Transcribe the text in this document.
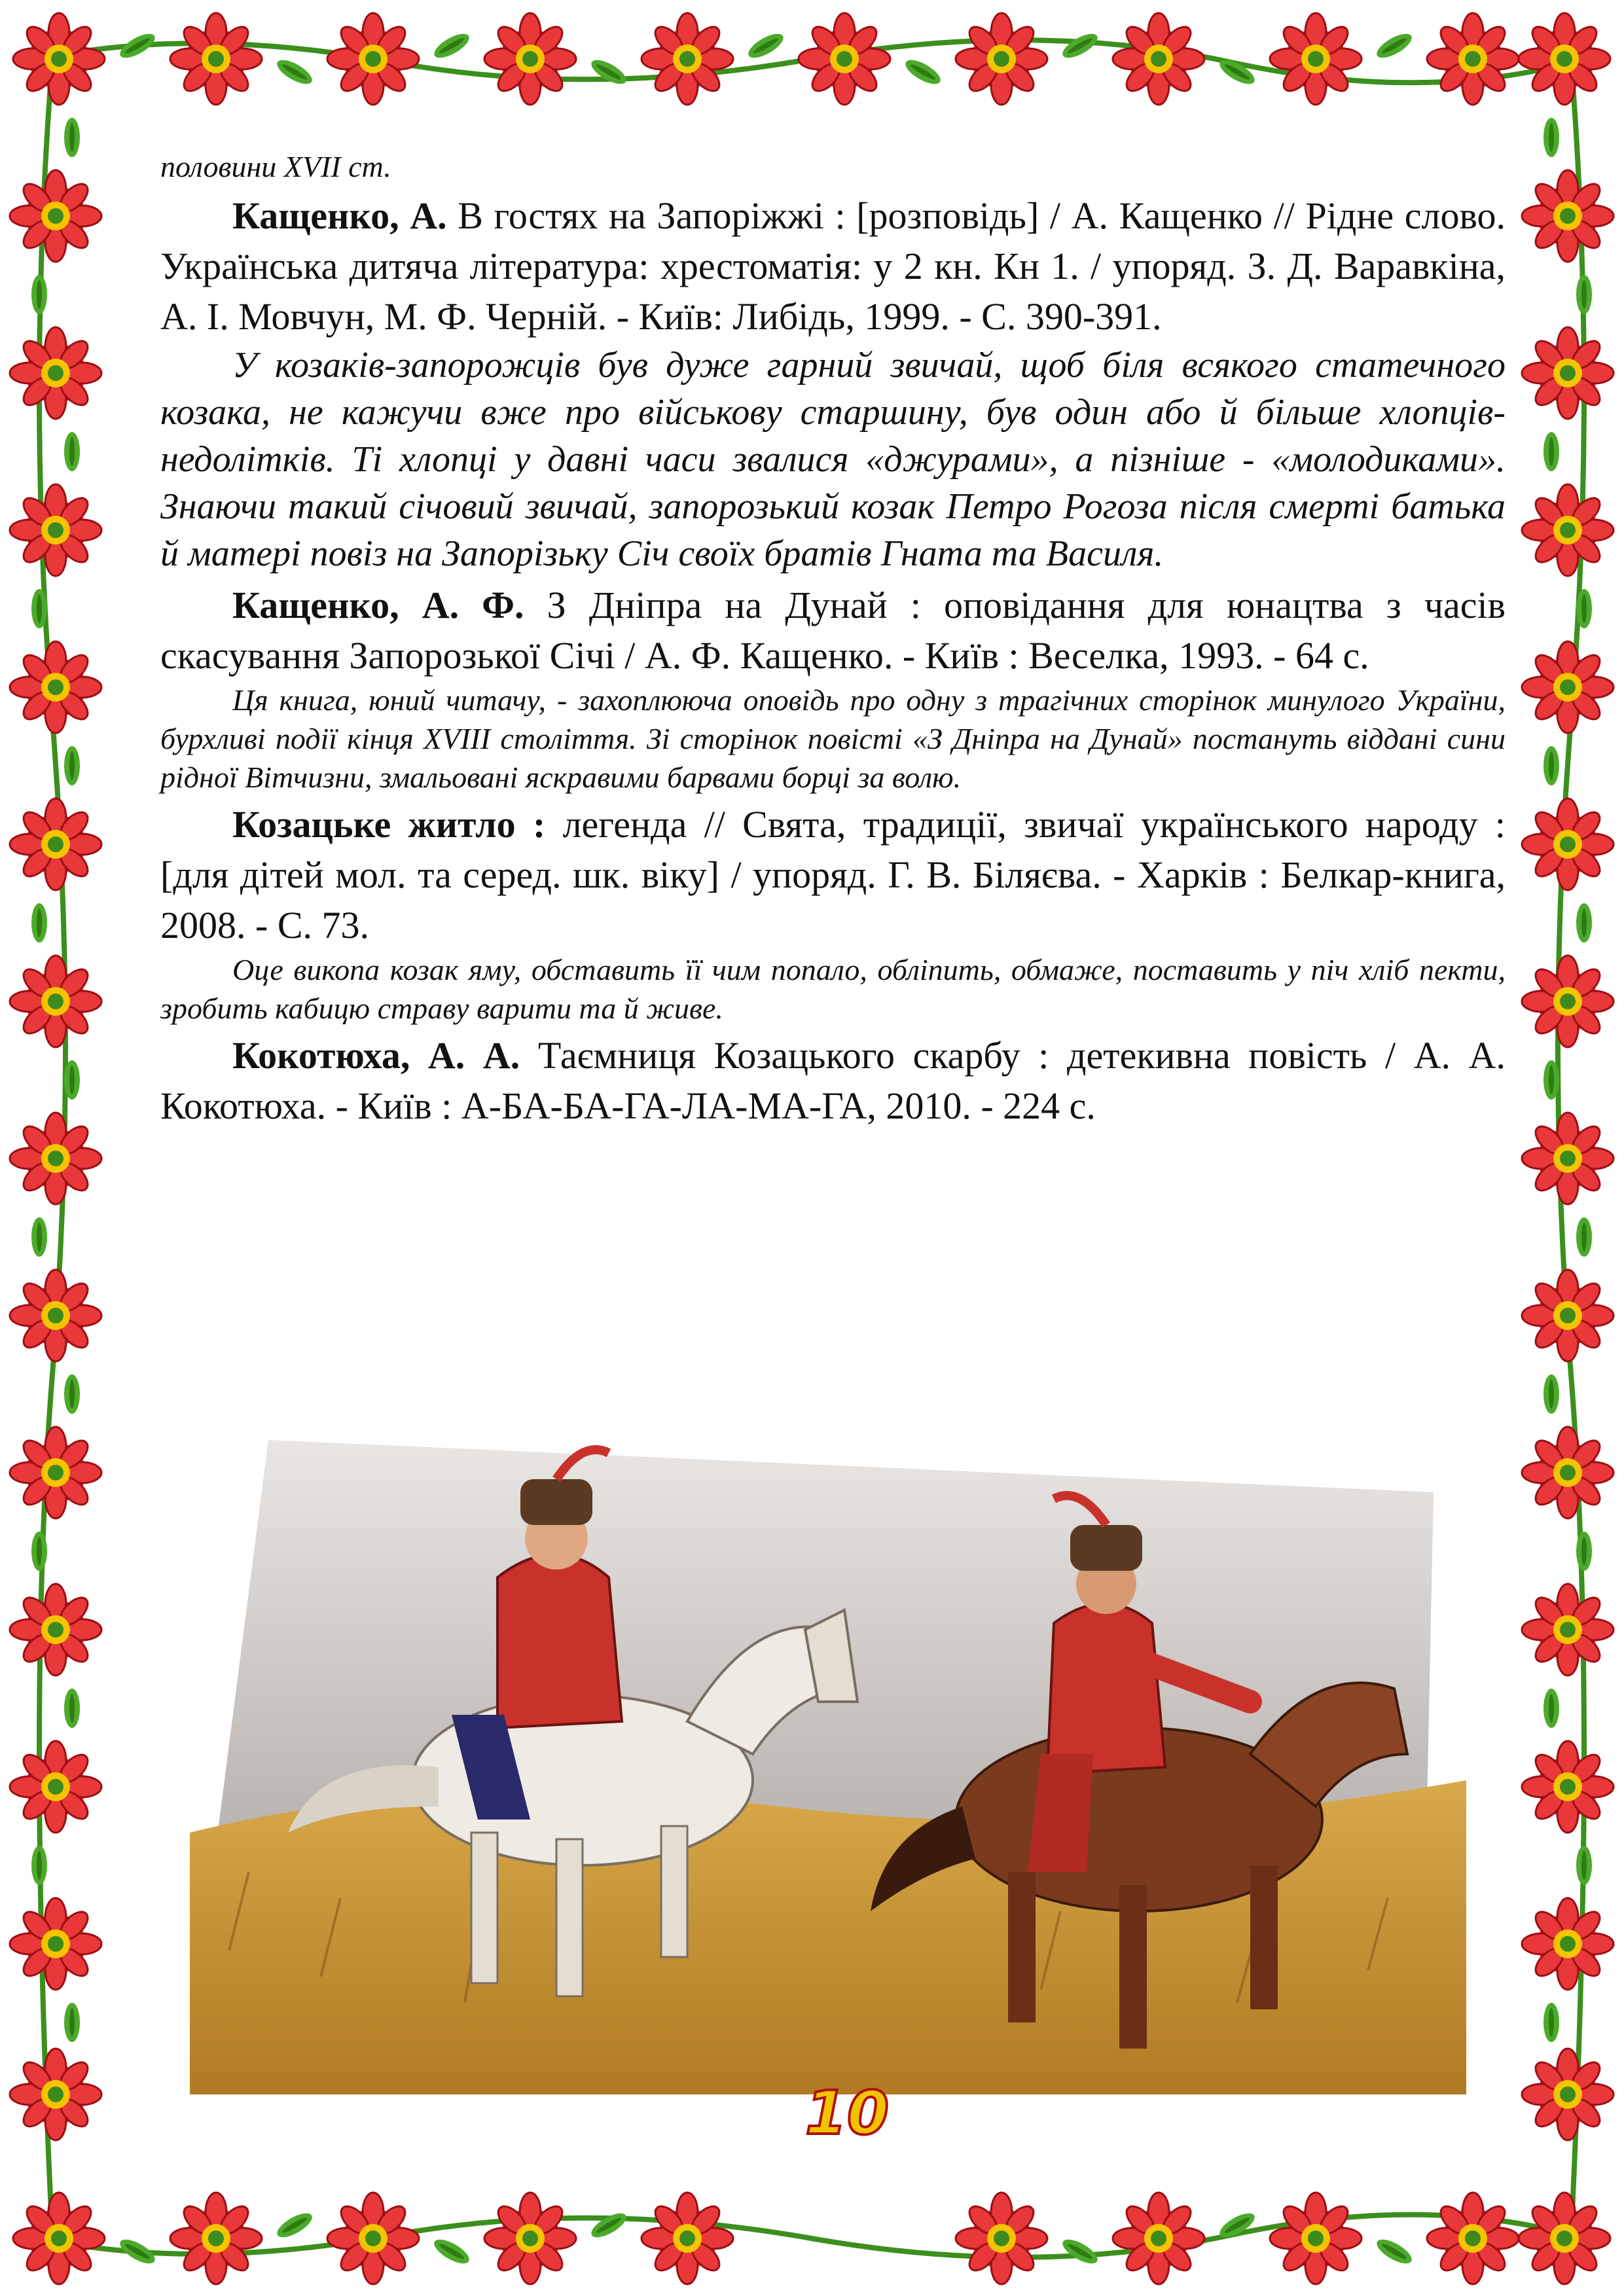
половини XVII ст.

Кащенко, А. В гостях на Запоріжжі : [розповідь] / А. Кащенко // Рідне слово. Українська дитяча література: хрестоматія: у 2 кн. Кн 1. / упоряд. З. Д. Варавкіна, А. І. Мовчун, М. Ф. Черній. - Київ: Либідь, 1999. - С. 390-391.

У козаків-запорожців був дуже гарний звичай, щоб біля всякого статечного козака, не кажучи вже про військову старшину, був один або й більше хлопців-недоліткiв. Ті хлопці у давні часи звалися «джурами», а пізніше - «молодиками». Знаючи такий січовий звичай, запорозький козак Петро Рогоза після смерті батька й матері повіз на Запорізьку Січ своїх братів Гната та Василя.

Кащенко, А. Ф. З Дніпра на Дунай : оповідання для юнацтва з часів скасування Запорозької Січі / А. Ф. Кащенко. - Київ : Веселка, 1993. - 64 с.

Ця книга, юний читачу, - захоплююча оповідь про одну з трагічних сторінок минулого України, бурхливі події кінця XVIII століття. Зі сторінок повісті «З Дніпра на Дунай» постануть віддані сини рідної Вітчизни, змальовані яскравими барвами борці за волю.

Козацьке житло : легенда // Свята, традиції, звичаї українського народу : [для дітей мол. та серед. шк. віку] / упоряд. Г. В. Біляєва. - Харків : Белкар-книга, 2008. - С. 73.

Оце викопа козак яму, обставить її чим попало, обліпить, обмаже, поставить у піч хліб пекти, зробить кабицю страву варити та й живе.

Кокотюха, А. А. Таємниця Козацького скарбу : детекивна повість / А. А. Кокотюха. - Київ : А-БА-БА-ГА-ЛА-МА-ГА, 2010. - 224 с.

10
